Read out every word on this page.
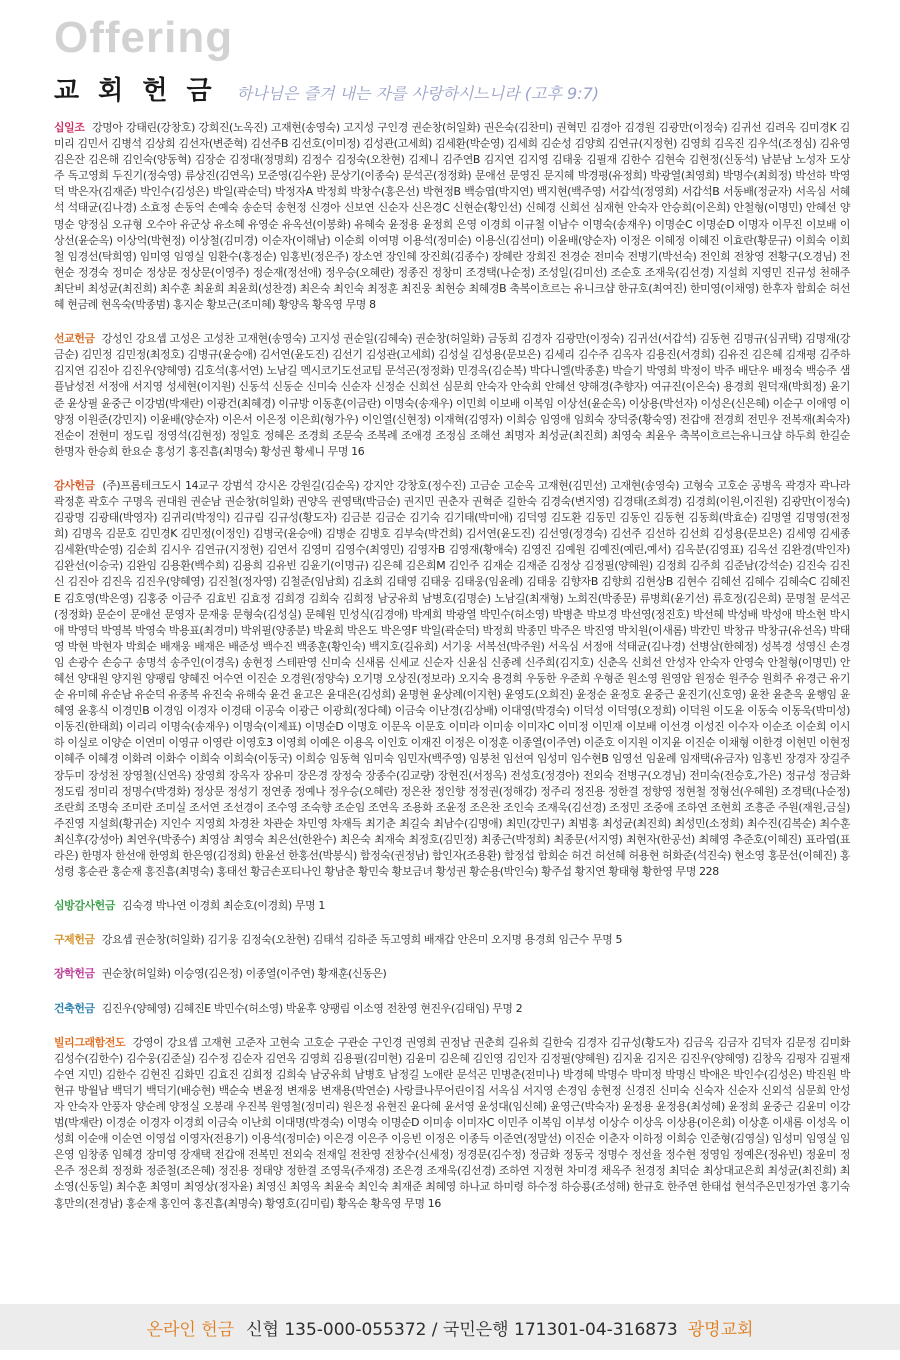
Offering
교 회 헌 금 하나님은 즐겨 내는 자를 사랑하시느니라 (고후 9:7)

십일조 강명아 강태린(강창호) 강희진(노옥진) 고재현(송영숙) 고지성 구인경 권순창(허일화) 권은숙(김찬미) 권혁민 김경아 김경원 김광만(이정숙) 김귀선 김려옥 김미경K 김미리 김민서 김병석 김상희 김선자(변준혁) 김선주B 김선호(이미정) 김성관(고세희) 김세환(박순영) 김세희 김순성 김양희 김연규(지정현) 김영희 김옥진 김우석(조정심) 김유영 김은잔 김은해 김인숙(양동혁) 김장순 김정대(정명희) 김정수 김정숙(오찬현) 김제니 김주연B 김지연 김지영 김태웅 김필재 김한수 김현숙 김현정(신동석) 남분남 노성자 도상주 독고영희 두진기(정숙영) 류상진(김연옥) 모준영(김수완) 문상기(이종숙) 문석곤(정정화) 문애선 문영진 문지혜 박경평(유정희) 박광열(최영희) 박명수(최희정) 박선하 박영덕 박은자(김재준) 박인수(김성은) 박일(곽순덕) 박정자A 박정희 박창수(홍은선) 박현정B 백승엽(박지연) 백지현(백주영) 서갑석(정영희) 서갑석B 서동배(정균자) 서옥심 서혜석 석태균(김나경) 소효정 손동억 손예숙 송순덕 송현정 신경아 신보연 신순자 신은경C 신현순(황인선) 신혜경 신희선 심재현 안숙자 안승희(이은희) 안철형(이명민) 안혜선 양명순 양정심 오규형 오수아 유군상 유소혜 유영순 유옥선(이봉화) 유혜숙 윤정용 윤정희 은영 이경희 이규철 이남수 이명숙(송재우) 이명순C 이명순D 이명자 이무진 이보배 이상선(윤순옥) 이상억(박현정) 이상철(김미경) 이순자(이해남) 이순희 이여명 이용석(정미순) 이용신(김선미) 이윤배(양순자) 이정은 이혜정 이혜진 이효란(황문규) 이희숙 이희철 임경선(탁희영) 임미영 임영실 임환수(홍정순) 임홍빈(정은주) 장소연 장인혜 장진희(김종수) 장혜란 장희진 전경순 전미숙 전병기(박선숙) 전인희 전창영 전황구(오경님) 전현순 정경숙 정미순 정상문 정상문(이영주) 정순재(정선애) 정우승(오혜란) 정종진 정창미 조경택(나순정) 조성일(김미선) 조순호 조재욱(김선경) 지설희 지영민 진규성 천해주 최단비 최성균(최진희) 최수훈 최윤희 최윤희(성찬경) 최은숙 최인숙 최정훈 최진웅 최현승 최혜경B 축복이흐르는 유니크샵 한규호(최여진) 한미영(이채영) 한후자 함희순 허선혜 현금례 현옥숙(박종범) 홍지순 황보근(조미혜) 황양옥 황옥영 무명 8

선교헌금 강성인 강요셉 고성은 고성찬 고재현(송영숙) 고지성 권순일(김혜숙) 권순창(허일화) 금동희 김경자 김광만(이정숙) 김귀선(서갑석) 김동현 김명규(심귀택) 김명재(강금순) 김민정 김민정(최정호) 김병규(윤승애) 김서연(윤도진) 김선기 김성관(고세희) 김성실 김성용(문보은) 김세리 김수주 김옥자 김용진(서경희) 김유진 김은혜 김재평 김주하 김지연 김진아 김진우(양혜영) 김호석(홍서연) 노남길 멕시코기도선교팀 문석곤(정정화) 민경옥(김순복) 박다니엘(박종훈) 박슬기 박영희 박정이 박주 배단우 배정숙 백승주 샘플남성전 서정애 서지영 성세현(이지원) 신동석 신동순 신미숙 신순자 신정순 신희선 심문희 안숙자 안숙희 안혜선 양해경(추향자) 여규진(이은숙) 용경희 원덕재(박희정) 윤기준 윤상필 윤중근 이강범(박재란) 이광건(최혜경) 이규방 이동훈(이금란) 이명숙(송재우) 이민희 이보배 이복임 이상선(윤순옥) 이상용(박선자) 이성은(신은혜) 이순구 이애영 이양정 이원준(강민지) 이윤배(양순자) 이은서 이은정 이은희(형가우) 이인열(신현정) 이재혁(김영자) 이희승 임영애 임희숙 장덕중(황숙영) 전갑애 전경희 전민우 전복재(최숙자) 전순이 전현미 정도림 정영석(김현정) 정일호 정혜은 조경희 조문숙 조복례 조애경 조정심 조해선 최명자 최성균(최진희) 최영숙 최윤우 축복이흐르는유니크샵 하두희 한길순 한명자 한승희 한요순 홍성기 홍진흠(최명숙) 황성권 황세니 무명 16

감사헌금 (주)프롬테크도시 14교구 강범석 강시온 강원길(김순옥) 강지안 강창호(정수진) 고금순 고순옥 고재현(김민선) 고재현(송영숙) 고형숙 고호순 공병옥 곽경자 곽나라 곽정훈 곽호수 구명옥 권대원 권순남 권순창(허일화) 권양옥 권영택(박금순) 권지민 권춘자 권혁준 길한숙 김경숙(변지영) 김경태(조희경) 김경희(이원,이진원) 김광만(이정숙) 김광명 김광태(박영자) 김귀리(박정익) 김규림 김규성(황도자) 김금분 김금순 김기숙 김기태(박미애) 김덕영 김도환 김동민 김동인 김동현 김동희(박효순) 김명열 김명영(전정희) 김명옥 김문호 김민경K 김민정(이정인) 김병국(윤승애) 김병순 김병호 김부숙(박건희) 김서연(윤도진) 김선영(정경숙) 김선주 김선하 김선희 김성용(문보은) 김세영 김세종 김세환(박순영) 김순희 김시우 김연규(지정현) 김연서 김영미 김영수(최영민) 김영자B 김영재(황애숙) 김영진 김예원 김예진(예린,예서) 김옥분(김영표) 김옥선 김완경(박인자) 김완선(이승국) 김완임 김용환(백수희) 김용희 김유빈 김윤기(이명규) 김은혜 김은희M 김인주 김재순 김재준 김정상 김정필(양혜원) 김정희 김주희 김준남(강석순) 김진숙 김진신 김진아 김진옥 김진우(양혜영) 김진철(정자영) 김철준(임남희) 김초희 김태영 김태웅 김태웅(임윤례) 김태웅 김향자B 김향희 김현상B 김현수 김혜선 김혜수 김혜숙C 김혜진E 김호영(박은영) 김홍중 이금주 김효빈 김효정 김희경 김희숙 김희정 남궁유희 남병호(김명순) 노남길(최재형) 노희진(박종문) 류병희(윤기선) 류호정(김은희) 문명철 문석곤(정정화) 문순이 문애선 문영자 문재웅 문형숙(김성실) 문혜원 민성식(김경애) 박계희 박광열 박민수(허소영) 박병춘 박보경 박선영(정진호) 박선혜 박성배 박성애 박소현 박시애 박영덕 박영복 박영숙 박용표(최경미) 박위필(양종분) 박윤희 박은도 박은영F 박일(곽순덕) 박정희 박종민 박주은 박진영 박치원(이새롬) 박칸민 박창규 박창규(유선옥) 박태영 박현 박현자 박희순 배재웅 배재은 배준성 백수진 백종훈(황인숙) 백지호(길유희) 서기웅 서복선(박주원) 서옥심 서정애 석태균(김나경) 선병삼(한혜정) 성복경 성영신 손경임 손광수 손승구 송명석 송주인(이경옥) 송현정 스테판영 신미숙 신새롬 신세교 신순자 신윤심 신종례 신주희(김지호) 신춘옥 신희선 안성자 안숙자 안영숙 안철형(이명민) 안혜선 양대원 양지원 양팽림 양혜진 어수연 이진순 오경원(정양숙) 오기명 오상진(정보라) 오지숙 용경희 우동한 우준희 우형준 원소영 원영암 원정순 원주승 원희주 유경근 유기순 유미혜 유순남 유순덕 유종복 유진숙 유해숙 윤건 윤고은 윤대은(김성희) 윤명현 윤상례(이지현) 윤영도(오희진) 윤정순 윤정호 윤중근 윤진기(신호영) 윤찬 윤춘옥 윤행임 윤혜영 윤홍식 이경민B 이경임 이경자 이경태 이공숙 이광근 이광희(정다혜) 이금숙 이난경(김상배) 이대영(박경숙) 이덕성 이덕영(오정희) 이덕원 이도윤 이동숙 이동욱(박미성) 이동진(한태희) 이리리 이명숙(송재우) 이명숙(이제표) 이명순D 이명호 이문옥 이문호 이미라 이미송 이미자C 이미정 이민재 이보배 이선경 이성진 이수자 이순조 이순희 이시하 이실로 이양순 이연미 이영규 이영란 이영호3 이영희 이예은 이용옥 이인호 이재진 이정은 이정훈 이종열(이주연) 이준호 이지원 이지윤 이진순 이채형 이한경 이현민 이현정 이혜주 이혜경 이화려 이화수 이희숙 이희숙(이동국) 이희승 임동혁 임미숙 임민자(백주영) 임붕천 임선여 임성미 임수현B 임영선 임윤례 임재택(유금자) 임홍빈 장경자 장길주 장두미 장성천 장영철(신연옥) 장영희 장옥자 장유미 장은경 장정숙 장종수(김교량) 장현진(서정옥) 전성호(정경아) 전외숙 전병구(오경님) 전미숙(전승호,가은) 정규성 정금화 정도림 정미리 정명수(박경화) 정상문 정성기 정연종 정예나 정우승(오혜란) 정은찬 정인향 정정권(정해강) 정주리 정진용 정한결 정향영 정현철 정형선(우혜원) 조경택(나순정) 조란희 조명숙 조미란 조미실 조서연 조선경이 조수영 조숙향 조순임 조연옥 조용화 조윤정 조은찬 조인숙 조재욱(김선경) 조정민 조중애 조하연 조현희 조흥준 주원(재원,금실) 주진영 지설희(황귀순) 지인수 지영희 차경찬 차관순 차민영 차재득 최기춘 최길숙 최남수(김명애) 최민(강민구) 최범홍 최성균(최진희) 최성민(소정희) 최수진(김복순) 최수훈 최신후(강성아) 최연우(박종수) 최영삼 최영숙 최은선(한완수) 최은숙 최재숙 최정호(김민정) 최종근(박정희) 최종문(서지영) 최현자(한공선) 최혜영 추준호(이혜진) 표라엽(표라은) 한명자 한선애 한영희 한은영(김정희) 한윤선 한홍선(박봉식) 함정숙(권정남) 함인자(조용환) 함정섭 함희순 허건 허선혜 허용현 허화준(석진숙) 현소영 홍문선(이혜진) 홍성령 홍순관 홍순재 홍진흠(최명숙) 홍태선 황금손포티나인 황남춘 황민숙 황보금녀 황성권 황순용(박인숙) 황주섭 황지연 황태형 황한영 무명 228

심방감사헌금 김숙경 박나연 이경희 최순호(이경희) 무명 1

구제헌금 강요셉 권순창(허일화) 김기웅 김정숙(오찬현) 김태석 김하준 독고영희 배재갑 안은미 오지명 용경희 임근수 무명 5

장학헌금 권순창(허일화) 이승영(김은정) 이종열(이주연) 황재훈(신동은)

건축헌금 김진우(양혜영) 김혜진E 박민수(허소영) 박윤후 양팽림 이소영 전찬영 현진우(김태임) 무명 2

빌리그래함전도 강영이 강요셉 고재현 고준자 고현숙 고호순 구관순 구인경 권영희 권정남 권춘희 길유희 길한숙 김경자 김규성(황도자) 김금옥 김금자 김덕자 김문정 김미화 김성수(김한수) 김수웅(김준실) 김수정 김순자 김연옥 김영희 김용필(김미현) 김윤미 김은혜 김인영 김인자 김정필(양혜원) 김지윤 김지은 김진우(양혜영) 김창옥 김평자 김필재수연 지민) 김한수 김현진 김화민 김효진 김희정 김희숙 남궁유희 남병호 남정길 노애란 문석곤 민병춘(전미나) 박경혜 박명수 박미정 박명신 박애은 박인수(김성은) 박진원 박현규 방월남 백덕기 백덕기(배승현) 백순숙 변윤정 변재웅 변재용(박연순) 사랑클나무어린이집 서옥심 서지영 손경임 송현정 신경진 신미숙 신숙자 신순자 신외석 심문희 안성자 안숙자 안풍자 양순례 양정실 오봉래 우진복 원영철(정미리) 원은정 유현진 윤다혜 윤서영 윤성대(임신혜) 윤영근(박숙자) 윤정용 윤정용(최성혜) 윤정희 윤중근 김윤미 이강범(박재란) 이경순 이경자 이경희 이금숙 이난희 이대명(박경숙) 이명숙 이명순D 이미송 이미자C 이민주 이복임 이부성 이상수 이상옥 이상용(이은희) 이상훈 이새롬 이성옥 이성희 이순애 이순연 이영섭 이영자(전용기) 이용석(정미순) 이은경 이은주 이응빈 이정은 이종득 이준연(정말선) 이진순 이춘자 이하정 이희승 인준형(김영실) 임성미 임영실 임은영 임창종 임혜경 장미영 장재택 전갑애 전복민 전외숙 전재일 전찬영 전창수(신세정) 정경문(김수정) 정금화 정동국 정명수 정선율 정수현 정영임 정예은(정유빈) 정윤미 정은주 정은희 정정화 정준철(조은혜) 정진용 정태양 정한결 조영욱(주재경) 조은경 조재욱(김선경) 조하연 지정현 차미경 채옥주 천경정 최덕순 최상대교은희 최성균(최진희) 최소영(신동일) 최수훈 최영미 최영상(정자윤) 최영신 최영옥 최윤숙 최인숙 최재준 최혜영 하나교 하미령 하수정 하승룡(조성해) 한규호 한주연 한태섭 현석주은민정가연 홍기숙 홍만의(전경남) 홍순재 홍인여 홍진흠(최명숙) 황영호(김미림) 황옥순 황옥영 무명 16

온라인 헌금 신협 135-000-055372 / 국민은행 171301-04-316873 광명교회
